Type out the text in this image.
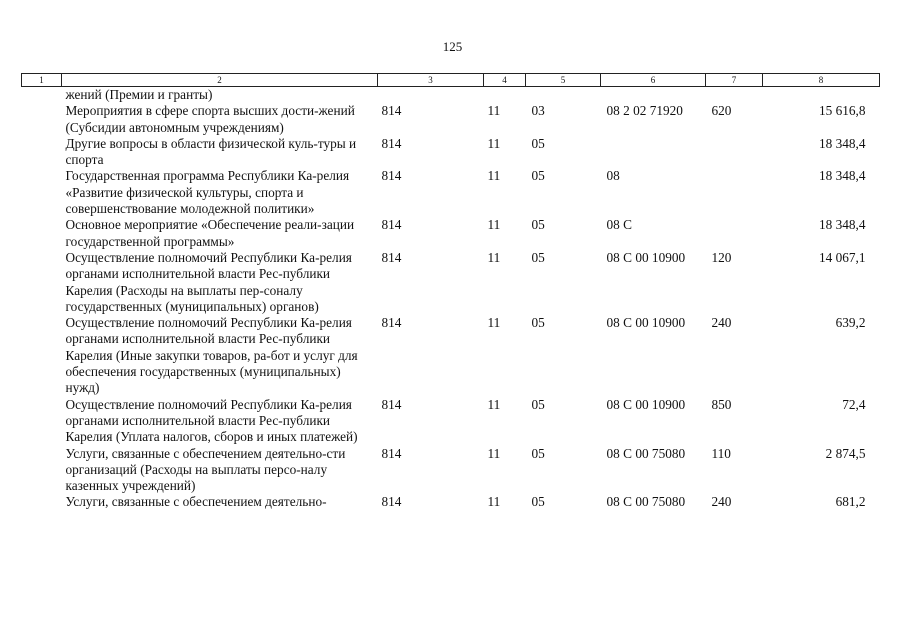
125
1	2	3	4	5	6	7	8
	жений (Премии и гранты)						
	Мероприятия в сфере спорта высших дости-жений (Субсидии автономным учреждениям)	814	11	03	08 2 02 71920	620	15 616,8
	Другие вопросы в области физической куль-туры и спорта	814	11	05			18 348,4
	Государственная программа Республики Ка-релия «Развитие физической культуры, спорта и совершенствование молодежной политики»	814	11	05	08		18 348,4
	Основное мероприятие «Обеспечение реали-зации государственной программы»	814	11	05	08 С		18 348,4
	Осуществление полномочий Республики Ка-релия органами исполнительной власти Рес-публики Карелия (Расходы на выплаты пер-соналу государственных (муниципальных) органов)	814	11	05	08 С 00 10900	120	14 067,1
	Осуществление полномочий Республики Ка-релия органами исполнительной власти Рес-публики Карелия (Иные закупки товаров, ра-бот и услуг для обеспечения государственных (муниципальных) нужд)	814	11	05	08 С 00 10900	240	639,2
	Осуществление полномочий Республики Ка-релия органами исполнительной власти Рес-публики Карелия (Уплата налогов, сборов и иных платежей)	814	11	05	08 С 00 10900	850	72,4
	Услуги, связанные с обеспечением деятельно-сти организаций (Расходы на выплаты персо-налу казенных учреждений)	814	11	05	08 С 00 75080	110	2 874,5
	Услуги, связанные с обеспечением деятельно-	814	11	05	08 С 00 75080	240	681,2
